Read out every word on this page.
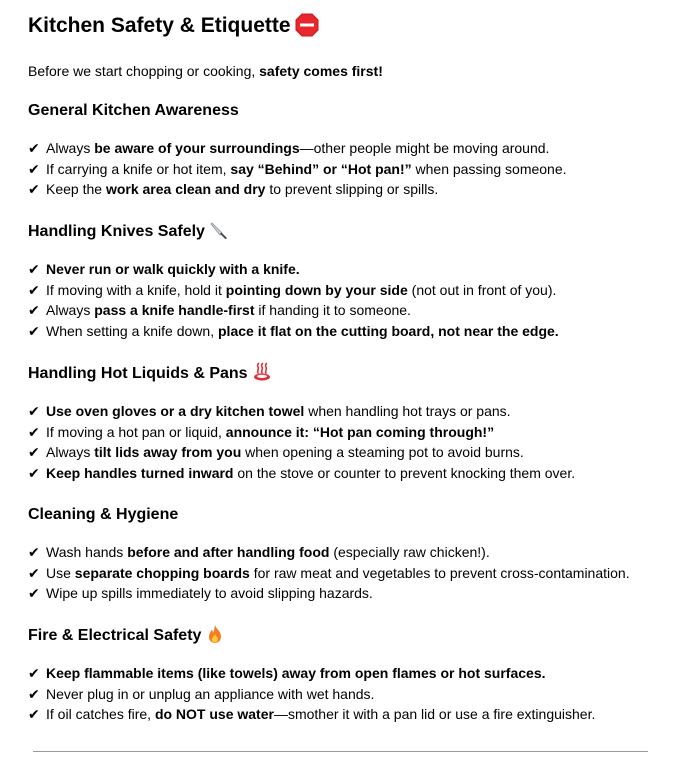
Kitchen Safety & Etiquette

Before we start chopping or cooking, safety comes first!

General Kitchen Awareness
✔ Always be aware of your surroundings—other people might be moving around.
✔ If carrying a knife or hot item, say “Behind” or “Hot pan!” when passing someone.
✔ Keep the work area clean and dry to prevent slipping or spills.
Handling Knives Safely
✔ Never run or walk quickly with a knife.
✔ If moving with a knife, hold it pointing down by your side (not out in front of you).
✔ Always pass a knife handle-first if handing it to someone.
✔ When setting a knife down, place it flat on the cutting board, not near the edge.
Handling Hot Liquids & Pans
✔ Use oven gloves or a dry kitchen towel when handling hot trays or pans.
✔ If moving a hot pan or liquid, announce it: “Hot pan coming through!”
✔ Always tilt lids away from you when opening a steaming pot to avoid burns.
✔ Keep handles turned inward on the stove or counter to prevent knocking them over.
Cleaning & Hygiene
✔ Wash hands before and after handling food (especially raw chicken!).
✔ Use separate chopping boards for raw meat and vegetables to prevent cross-contamination.
✔ Wipe up spills immediately to avoid slipping hazards.
Fire & Electrical Safety
✔ Keep flammable items (like towels) away from open flames or hot surfaces.
✔ Never plug in or unplug an appliance with wet hands.
✔ If oil catches fire, do NOT use water—smother it with a pan lid or use a fire extinguisher.
